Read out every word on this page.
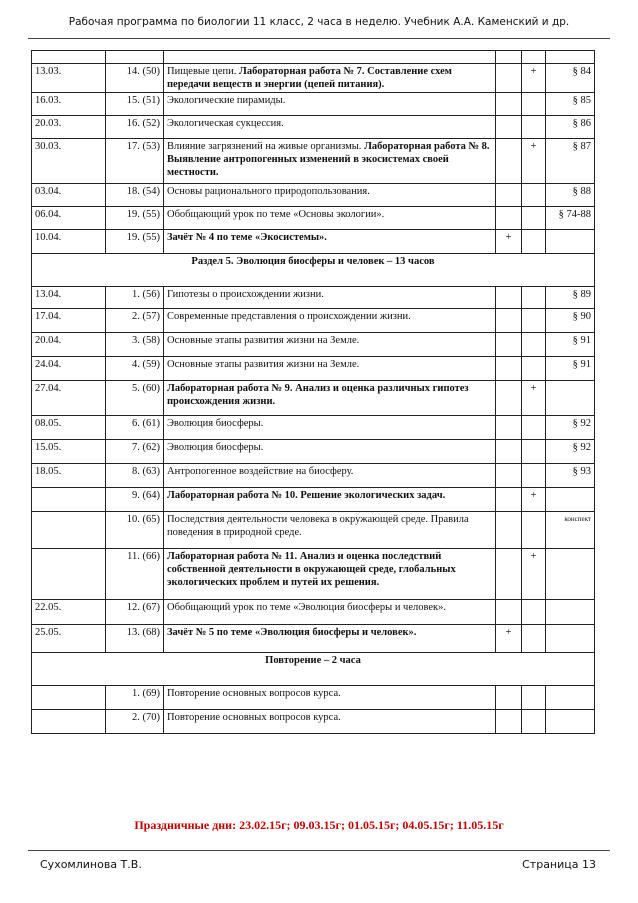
Рабочая программа по биологии 11 класс, 2 часа в неделю. Учебник А.А. Каменский и др.

13.03.	14. (50)	Пищевые цепи. Лабораторная работа № 7. Составление схем передачи веществ и энергии (цепей питания).		+	§ 84
16.03.	15. (51)	Экологические пирамиды.			§ 85
20.03.	16. (52)	Экологическая сукцессия.			§ 86
30.03.	17. (53)	Влияние загрязнений на живые организмы. Лабораторная работа № 8. Выявление антропогенных изменений в экосистемах своей местности.		+	§ 87
03.04.	18. (54)	Основы рационального природопользования.			§ 88
06.04.	19. (55)	Обобщающий урок по теме «Основы экологии».			§ 74-88
10.04.	19. (55)	Зачёт № 4 по теме «Экосистемы».	+		
Раздел 5. Эволюция биосферы и человек – 13 часов					
13.04.	1. (56)	Гипотезы о происхождении жизни.			§ 89
17.04.	2. (57)	Современные представления о происхождении жизни.			§ 90
20.04.	3. (58)	Основные этапы развития жизни на Земле.			§ 91
24.04.	4. (59)	Основные этапы развития жизни на Земле.			§ 91
27.04.	5. (60)	Лабораторная работа № 9. Анализ и оценка различных гипотез происхождения жизни.		+	
08.05.	6. (61)	Эволюция биосферы.			§ 92
15.05.	7. (62)	Эволюция биосферы.			§ 92
18.05.	8. (63)	Антропогенное воздействие на биосферу.			§ 93
	9. (64)	Лабораторная работа № 10. Решение экологических задач.		+	
	10. (65)	Последствия деятельности человека в окружающей среде. Правила поведения в природной среде.			конспект
	11. (66)	Лабораторная работа № 11. Анализ и оценка последствий собственной деятельности в окружающей среде, глобальных экологических проблем и путей их решения.		+	
22.05.	12. (67)	Обобщающий урок по теме «Эволюция биосферы и человек».			
25.05.	13. (68)	Зачёт № 5 по теме «Эволюция биосферы и человек».	+		
Повторение – 2 часа					
	1. (69)	Повторение основных вопросов курса.			
	2. (70)	Повторение основных вопросов курса.			
Праздничные дни: 23.02.15г; 09.03.15г; 01.05.15г; 04.05.15г; 11.05.15г
Сухомлинова Т.В.	Страница 13
